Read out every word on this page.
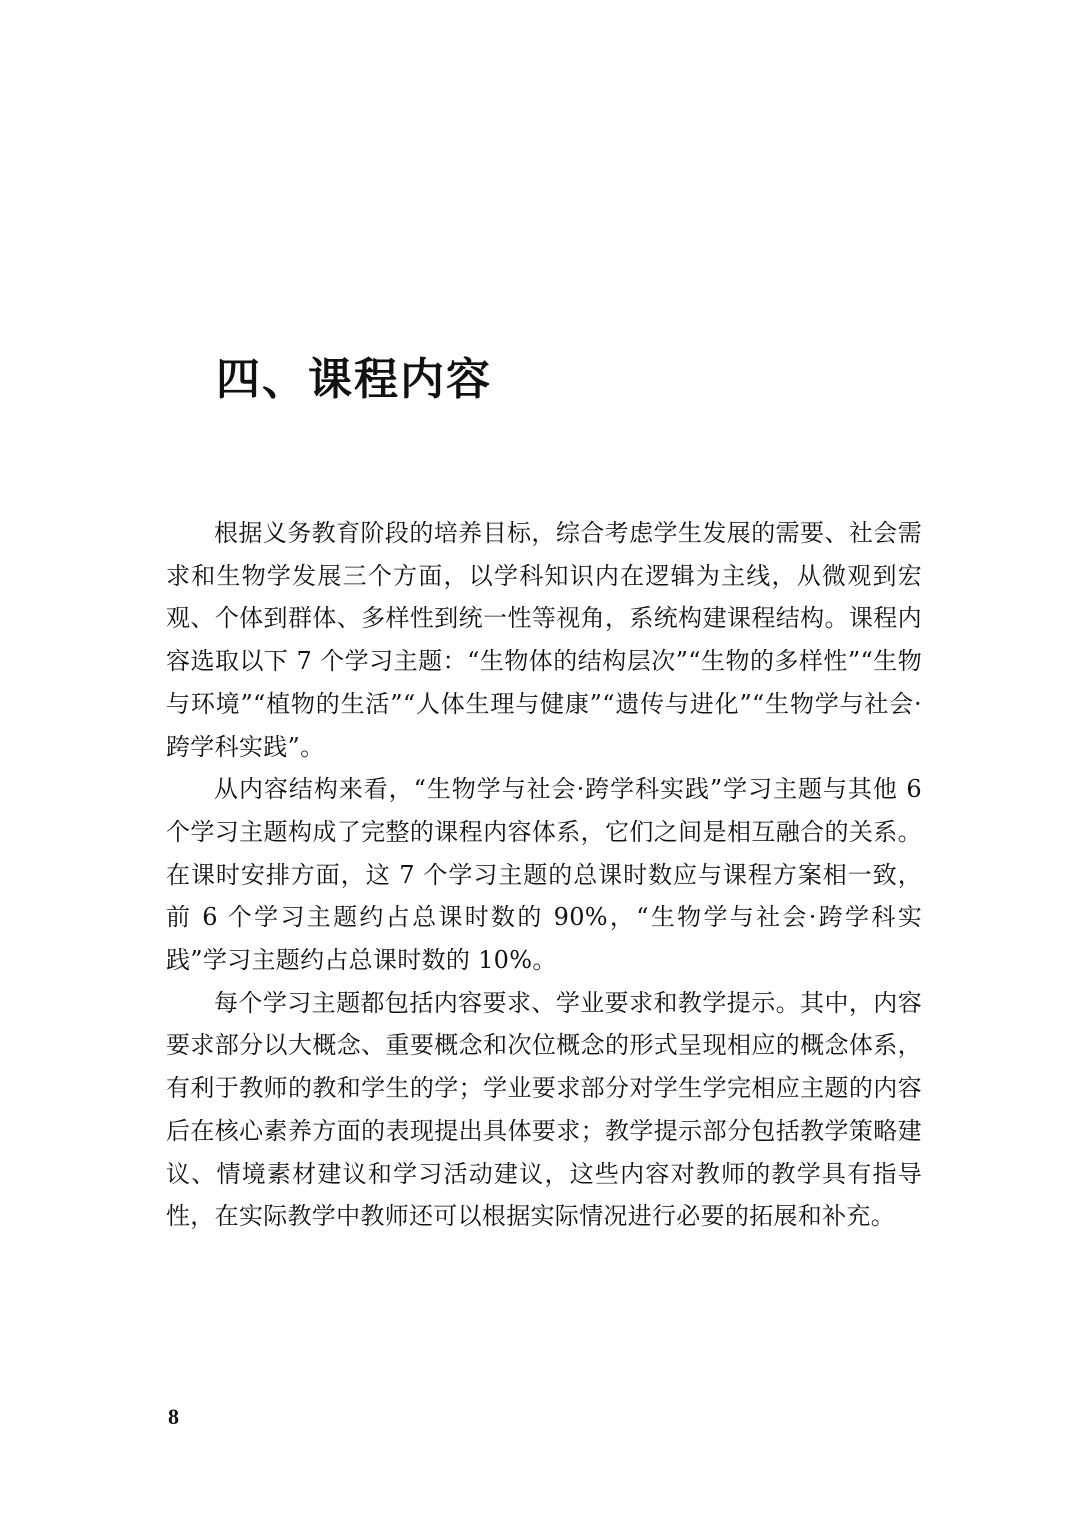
四、课程内容

根据义务教育阶段的培养目标，综合考虑学生发展的需要、社会需求和生物学发展三个方面，以学科知识内在逻辑为主线，从微观到宏观、个体到群体、多样性到统一性等视角，系统构建课程结构。课程内容选取以下 7 个学习主题：“生物体的结构层次”“生物的多样性”“生物与环境”“植物的生活”“人体生理与健康”“遗传与进化”“生物学与社会·跨学科实践”。

从内容结构来看，“生物学与社会·跨学科实践”学习主题与其他 6 个学习主题构成了完整的课程内容体系，它们之间是相互融合的关系。在课时安排方面，这 7 个学习主题的总课时数应与课程方案相一致，前 6 个学习主题约占总课时数的 90%，“生物学与社会·跨学科实践”学习主题约占总课时数的 10%。

每个学习主题都包括内容要求、学业要求和教学提示。其中，内容要求部分以大概念、重要概念和次位概念的形式呈现相应的概念体系，有利于教师的教和学生的学；学业要求部分对学生学完相应主题的内容后在核心素养方面的表现提出具体要求；教学提示部分包括教学策略建议、情境素材建议和学习活动建议，这些内容对教师的教学具有指导性，在实际教学中教师还可以根据实际情况进行必要的拓展和补充。

8
